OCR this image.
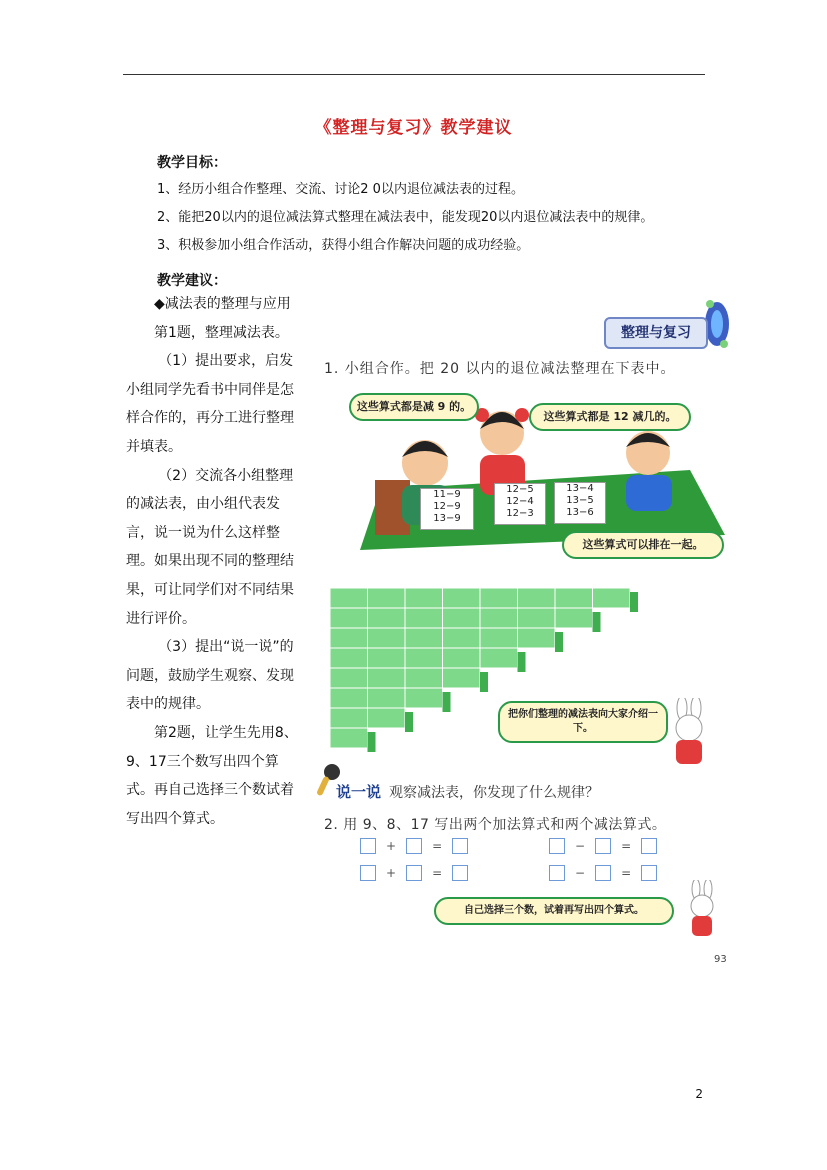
《整理与复习》教学建议
教学目标：
1、经历小组合作整理、交流、讨论2 0以内退位减法表的过程。
2、能把20以内的退位减法算式整理在减法表中，能发现20以内退位减法表中的规律。
3、积极参加小组合作活动，获得小组合作解决问题的成功经验。
教学建议：

◆减法表的整理与应用

第1题，整理减法表。

（1）提出要求，启发小组同学先看书中同伴是怎样合作的，再分工进行整理并填表。

（2）交流各小组整理的减法表，由小组代表发言，说一说为什么这样整理。如果出现不同的整理结果，可让同学们对不同结果进行评价。

（3）提出“说一说”的问题，鼓励学生观察、发现表中的规律。

第2题，让学生先用8、9、17三个数写出四个算式。再自己选择三个数试着写出四个算式。

整理与复习
1. 小组合作。把 20 以内的退位减法整理在下表中。
这些算式都是减 9 的。
这些算式都是 12 减几的。
这些算式可以排在一起。
11−9
12−9
13−9
12−5
12−4
12−3
13−4
13−5
13−6
把你们整理的减法表向大家介绍一下。
说一说 观察减法表，你发现了什么规律？
2. 用 9、8、17 写出两个加法算式和两个减法算式。
+	=
+	=
−	=
−	=
自己选择三个数，试着再写出四个算式。
93
2
